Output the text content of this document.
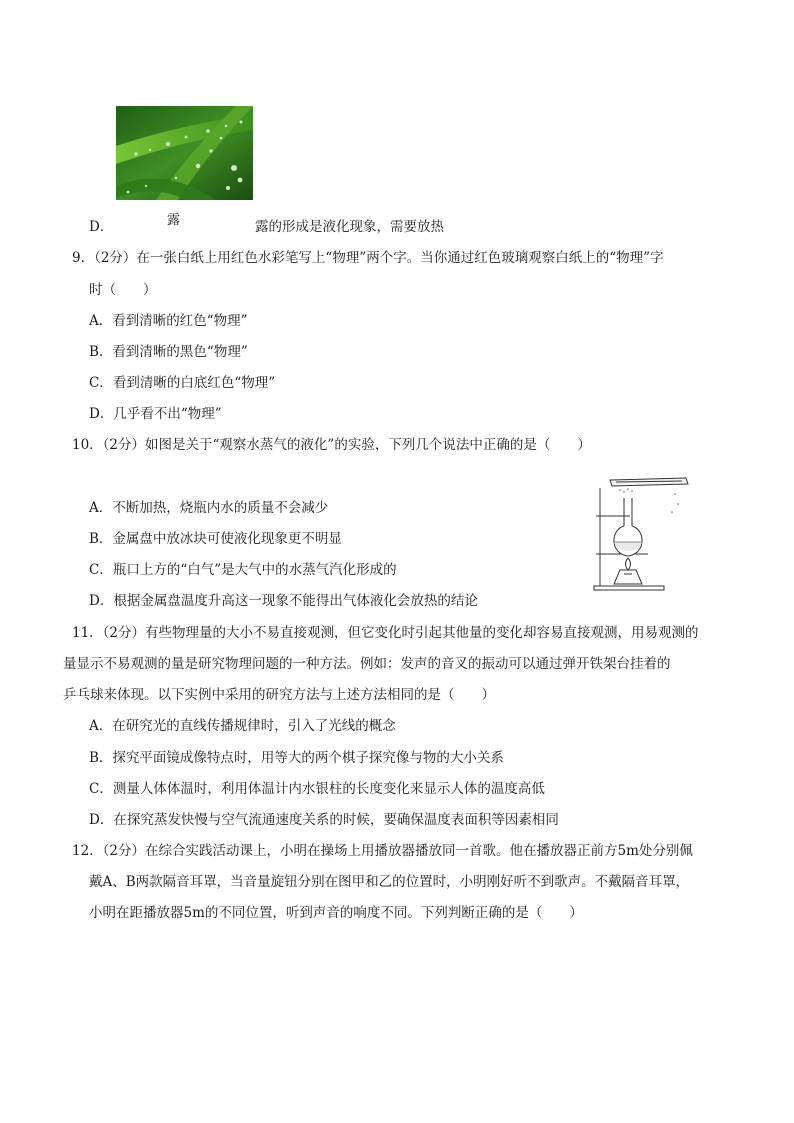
露
D．	露的形成是液化现象，需要放热
9．（2分）在一张白纸上用红色水彩笔写上“物理”两个字。当你通过红色玻璃观察白纸上的“物理”字
时（　　）
A．看到清晰的红色“物理”
B．看到清晰的黑色“物理”
C．看到清晰的白底红色“物理”
D．几乎看不出“物理”
10．（2分）如图是关于“观察水蒸气的液化”的实验，下列几个说法中正确的是（　　）
A．不断加热，烧瓶内水的质量不会减少
B．金属盘中放冰块可使液化现象更不明显
C．瓶口上方的“白气”是大气中的水蒸气汽化形成的
D．根据金属盘温度升高这一现象不能得出气体液化会放热的结论
11．（2分）有些物理量的大小不易直接观测，但它变化时引起其他量的变化却容易直接观测，用易观测的
量显示不易观测的量是研究物理问题的一种方法。例如：发声的音叉的振动可以通过弹开铁架台挂着的
乒乓球来体现。以下实例中采用的研究方法与上述方法相同的是（　　）
A．在研究光的直线传播规律时，引入了光线的概念
B．探究平面镜成像特点时，用等大的两个棋子探究像与物的大小关系
C．测量人体体温时，利用体温计内水银柱的长度变化来显示人体的温度高低
D．在探究蒸发快慢与空气流通速度关系的时候，要确保温度表面积等因素相同
12．（2分）在综合实践活动课上，小明在操场上用播放器播放同一首歌。他在播放器正前方5m处分别佩
戴A、B两款隔音耳罩，当音量旋钮分别在图甲和乙的位置时，小明刚好听不到歌声。不戴隔音耳罩，
小明在距播放器5m的不同位置，听到声音的响度不同。下列判断正确的是（　　）
